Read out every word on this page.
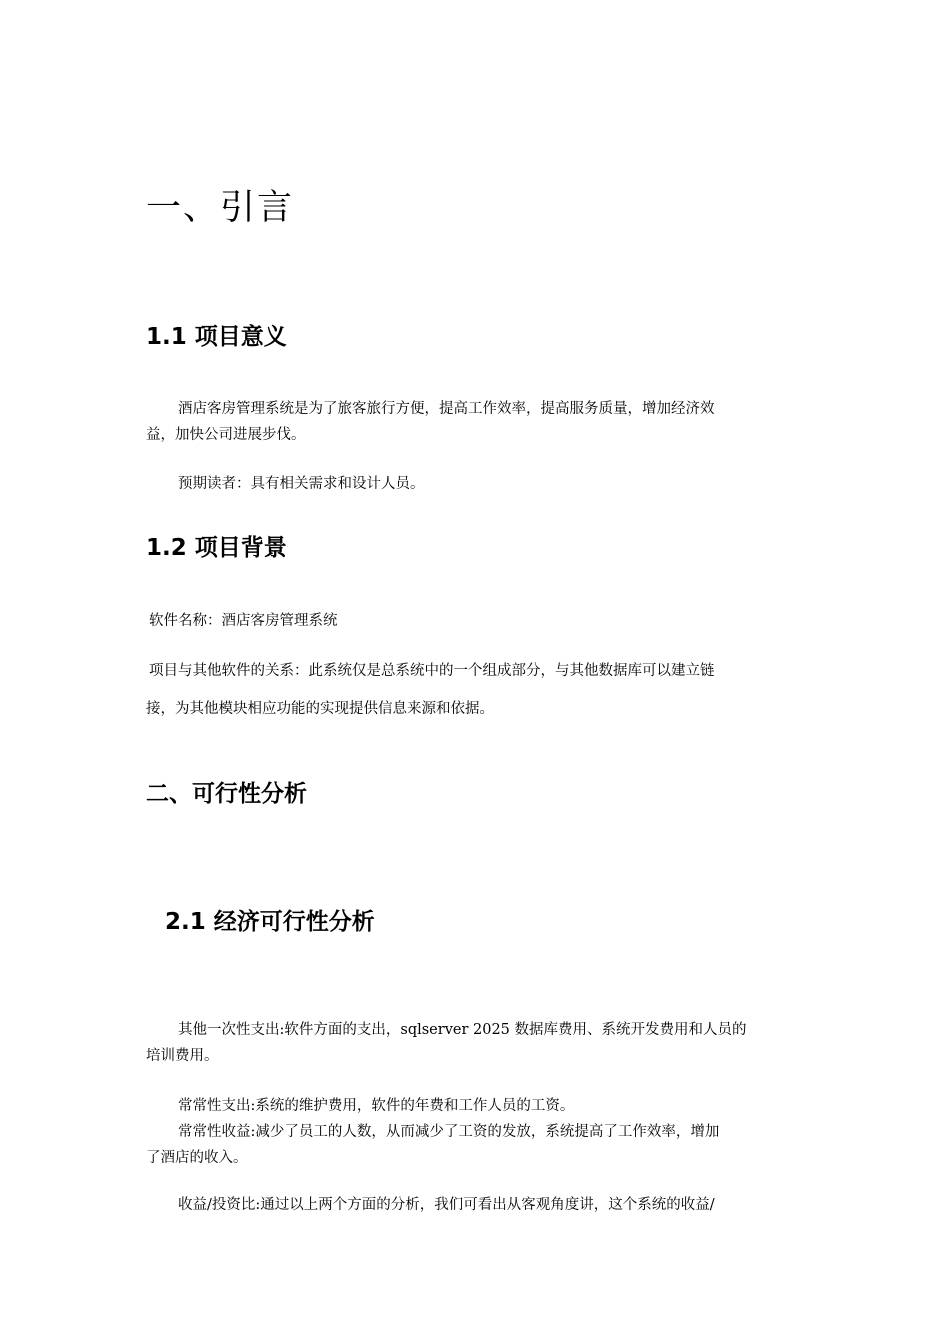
一、引言
1.1 项目意义

酒店客房管理系统是为了旅客旅行方便，提高工作效率，提高服务质量，增加经济效

益，加快公司进展步伐。

预期读者：具有相关需求和设计人员。

1.2 项目背景

软件名称：酒店客房管理系统

项目与其他软件的关系：此系统仅是总系统中的一个组成部分，与其他数据库可以建立链

接，为其他模块相应功能的实现提供信息来源和依据。

二、可行性分析
2.1 经济可行性分析

其他一次性支出:软件方面的支出，sqlserver 2025 数据库费用、系统开发费用和人员的

培训费用。

常常性支出:系统的维护费用，软件的年费和工作人员的工资。

常常性收益:减少了员工的人数，从而减少了工资的发放，系统提高了工作效率，增加

了酒店的收入。

收益/投资比:通过以上两个方面的分析，我们可看出从客观角度讲，这个系统的收益/
